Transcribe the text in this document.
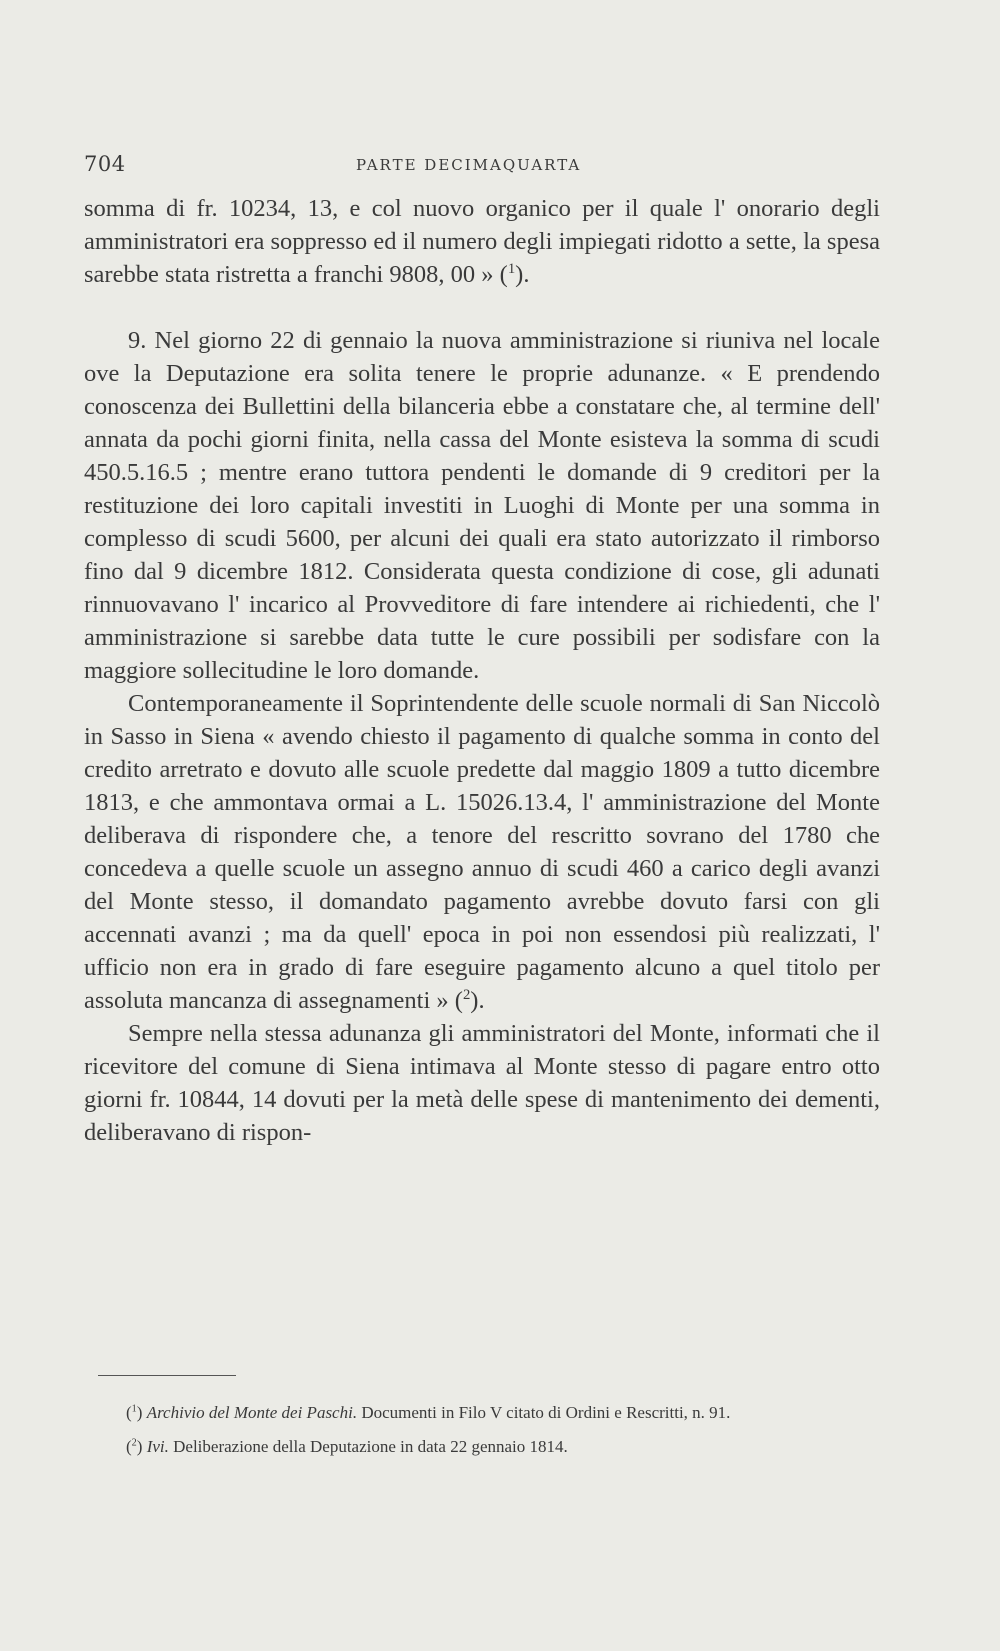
704	PARTE DECIMAQUARTA

somma di fr. 10234, 13, e col nuovo organico per il quale l' onorario degli amministratori era soppresso ed il numero degli impiegati ridotto a sette, la spesa sarebbe stata ristretta a franchi 9808, 00 » ($^1$).

9. Nel giorno 22 di gennaio la nuova amministrazione si riuniva nel locale ove la Deputazione era solita tenere le proprie adunanze. « E prendendo conoscenza dei Bullettini della bilanceria ebbe a constatare che, al termine dell' annata da pochi giorni finita, nella cassa del Monte esisteva la somma di scudi 450.5.16.5 ; mentre erano tuttora pendenti le domande di 9 creditori per la restituzione dei loro capitali investiti in Luoghi di Monte per una somma in complesso di scudi 5600, per alcuni dei quali era stato autorizzato il rimborso fino dal 9 dicembre 1812. Considerata questa condizione di cose, gli adunati rinnuovavano l' incarico al Provveditore di fare intendere ai richiedenti, che l' amministrazione si sarebbe data tutte le cure possibili per sodisfare con la maggiore sollecitudine le loro domande.

Contemporaneamente il Soprintendente delle scuole normali di San Niccolò in Sasso in Siena « avendo chiesto il pagamento di qualche somma in conto del credito arretrato e dovuto alle scuole predette dal maggio 1809 a tutto dicembre 1813, e che ammontava ormai a L. 15026.13.4, l' amministrazione del Monte deliberava di rispondere che, a tenore del rescritto sovrano del 1780 che concedeva a quelle scuole un assegno annuo di scudi 460 a carico degli avanzi del Monte stesso, il domandato pagamento avrebbe dovuto farsi con gli accennati avanzi ; ma da quell' epoca in poi non essendosi più realizzati, l' ufficio non era in grado di fare eseguire pagamento alcuno a quel titolo per assoluta mancanza di assegnamenti » ($^2$).

Sempre nella stessa adunanza gli amministratori del Monte, informati che il ricevitore del comune di Siena intimava al Monte stesso di pagare entro otto giorni fr. 10844, 14 dovuti per la metà delle spese di mantenimento dei dementi, deliberavano di rispon-

($^1$) Archivio del Monte dei Paschi. Documenti in Filo V citato di Ordini e Rescritti, n. 91.

($^2$) Ivi. Deliberazione della Deputazione in data 22 gennaio 1814.
